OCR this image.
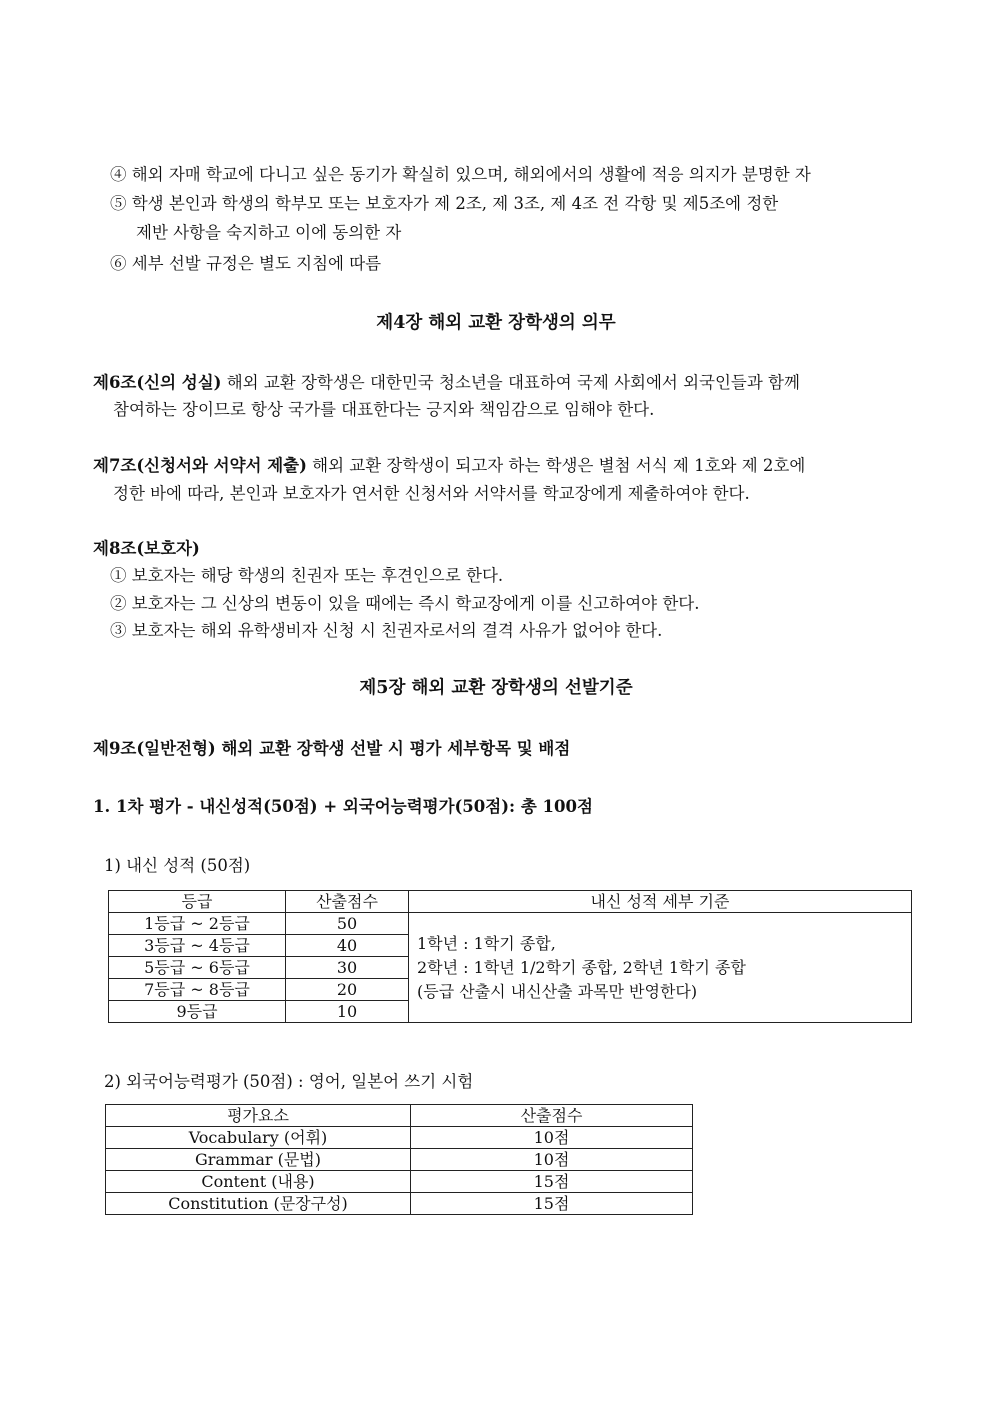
④ 해외 자매 학교에 다니고 싶은 동기가 확실히 있으며, 해외에서의 생활에 적응 의지가 분명한 자
⑤ 학생 본인과 학생의 학부모 또는 보호자가 제 2조, 제 3조, 제 4조 전 각항 및 제5조에 정한
제반 사항을 숙지하고 이에 동의한 자
⑥ 세부 선발 규정은 별도 지침에 따름
제4장 해외 교환 장학생의 의무
제6조(신의 성실) 해외 교환 장학생은 대한민국 청소년을 대표하여 국제 사회에서 외국인들과 함께
참여하는 장이므로 항상 국가를 대표한다는 긍지와 책임감으로 임해야 한다.
제7조(신청서와 서약서 제출) 해외 교환 장학생이 되고자 하는 학생은 별첨 서식 제 1호와 제 2호에
정한 바에 따라, 본인과 보호자가 연서한 신청서와 서약서를 학교장에게 제출하여야 한다.
제8조(보호자)
① 보호자는 해당 학생의 친권자 또는 후견인으로 한다.
② 보호자는 그 신상의 변동이 있을 때에는 즉시 학교장에게 이를 신고하여야 한다.
③ 보호자는 해외 유학생비자 신청 시 친권자로서의 결격 사유가 없어야 한다.
제5장 해외 교환 장학생의 선발기준
제9조(일반전형) 해외 교환 장학생 선발 시 평가 세부항목 및 배점
1. 1차 평가 - 내신성적(50점) + 외국어능력평가(50점): 총 100점
1) 내신 성적 (50점)
등급	산출점수	내신 성적 세부 기준
1등급 ~ 2등급	50	1학년 : 1학기 종합,
2학년 : 1학년 1/2학기 종합, 2학년 1학기 종합
(등급 산출시 내신산출 과목만 반영한다)

3등급 ~ 4등급	40	
5등급 ~ 6등급	30	
7등급 ~ 8등급	20	
9등급	10	
2) 외국어능력평가 (50점) : 영어, 일본어 쓰기 시험
평가요소	산출점수
Vocabulary (어휘)	10점
Grammar (문법)	10점
Content (내용)	15점
Constitution (문장구성)	15점
